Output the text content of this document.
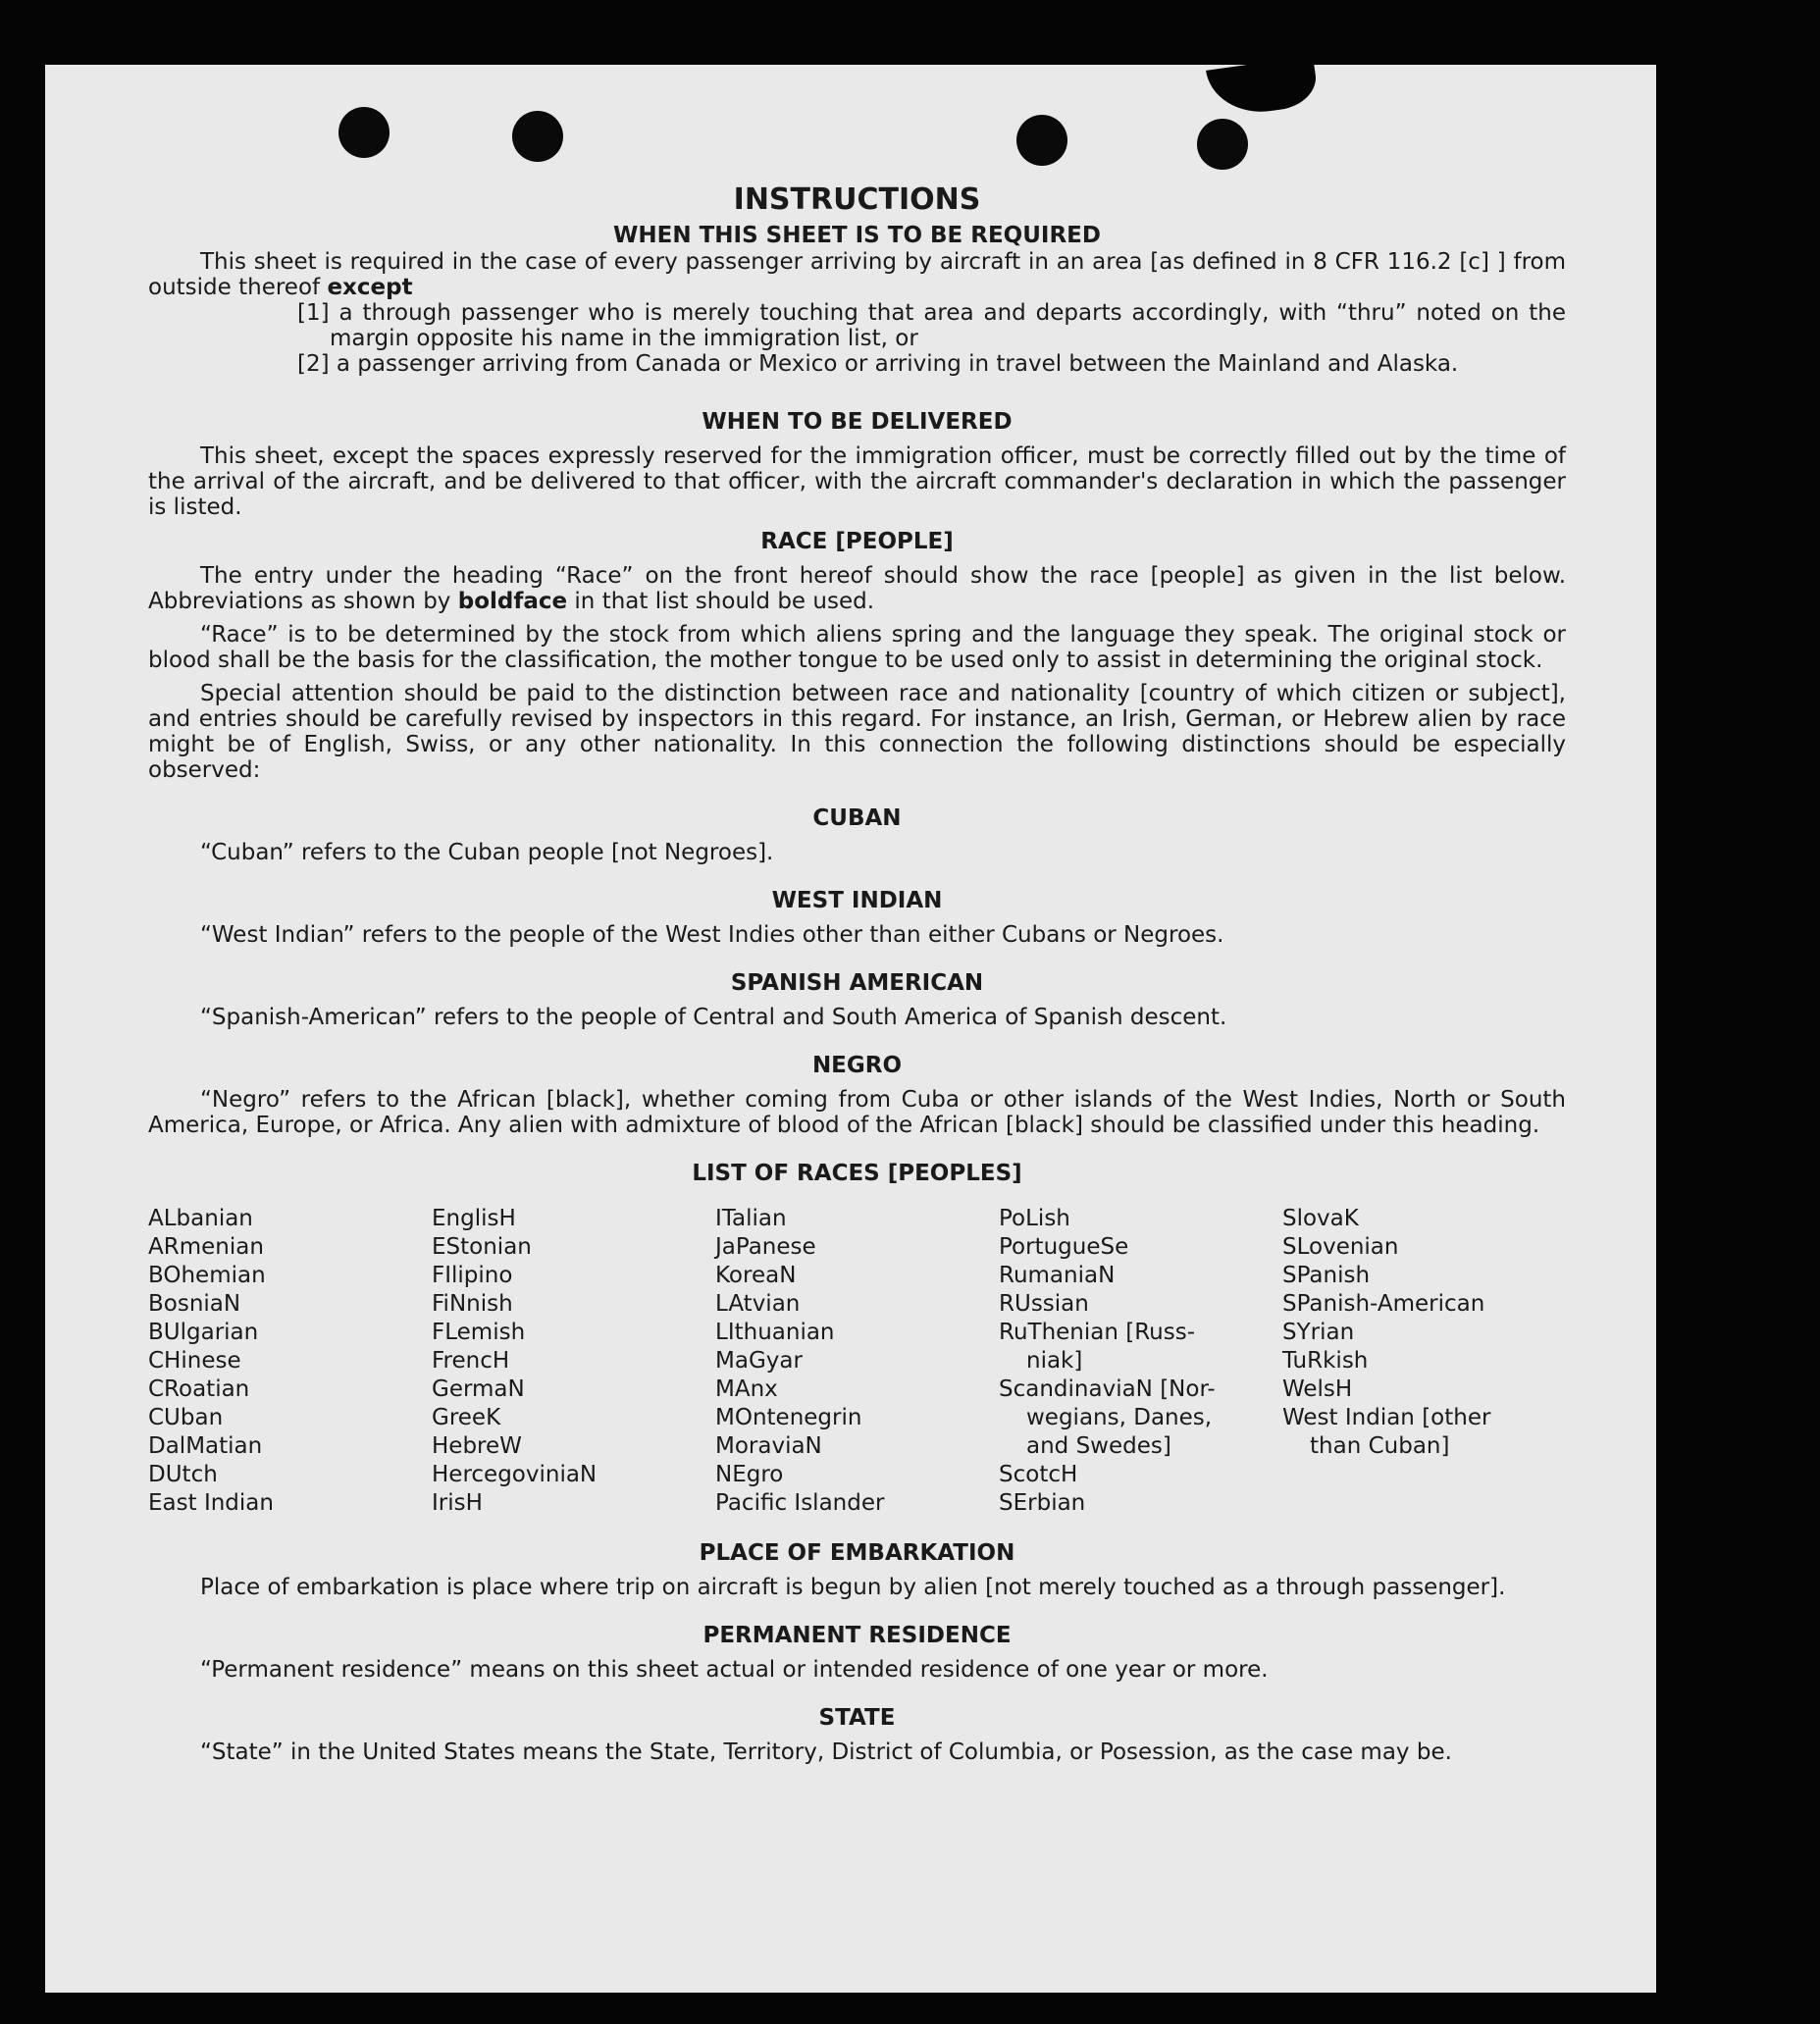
INSTRUCTIONS
WHEN THIS SHEET IS TO BE REQUIRED

This sheet is required in the case of every passenger arriving by aircraft in an area [as defined in 8 CFR 116.2 [c] ] from outside thereof except

[1] a through passenger who is merely touching that area and departs accordingly, with “thru” noted on the margin opposite his name in the immigration list, or

[2] a passenger arriving from Canada or Mexico or arriving in travel between the Mainland and Alaska.

WHEN TO BE DELIVERED

This sheet, except the spaces expressly reserved for the immigration officer, must be correctly filled out by the time of the arrival of the aircraft, and be delivered to that officer, with the aircraft commander's declaration in which the passenger is listed.

RACE [PEOPLE]

The entry under the heading “Race” on the front hereof should show the race [people] as given in the list below. Abbreviations as shown by boldface in that list should be used.

“Race” is to be determined by the stock from which aliens spring and the language they speak. The original stock or blood shall be the basis for the classification, the mother tongue to be used only to assist in determining the original stock.

Special attention should be paid to the distinction between race and nationality [country of which citizen or subject], and entries should be carefully revised by inspectors in this regard. For instance, an Irish, German, or Hebrew alien by race might be of English, Swiss, or any other nationality. In this connection the following distinctions should be especially observed:

CUBAN

“Cuban” refers to the Cuban people [not Negroes].

WEST INDIAN

“West Indian” refers to the people of the West Indies other than either Cubans or Negroes.

SPANISH AMERICAN

“Spanish-American” refers to the people of Central and South America of Spanish descent.

NEGRO

“Negro” refers to the African [black], whether coming from Cuba or other islands of the West Indies, North or South America, Europe, or Africa. Any alien with admixture of blood of the African [black] should be classified under this heading.

LIST OF RACES [PEOPLES]
ALbanian
ARmenian
BOhemian
BosniaN
BUlgarian
CHinese
CRoatian
CUban
DalMatian
DUtch
East Indian
EnglisH
EStonian
FIlipino
FiNnish
FLemish
FrencH
GermaN
GreeK
HebreW
HercegoviniaN
IrisH
ITalian
JaPanese
KoreaN
LAtvian
LIthuanian
MaGyar
MAnx
MOntenegrin
MoraviaN
NEgro
Pacific Islander
PoLish
PortugueSe
RumaniaN
RUssian
RuThenian [Russ-
niak]
ScandinaviaN [Nor-
wegians, Danes,
and Swedes]
ScotcH
SErbian
SlovaK
SLovenian
SPanish
SPanish-American
SYrian
TuRkish
WelsH
West Indian [other
than Cuban]
PLACE OF EMBARKATION

Place of embarkation is place where trip on aircraft is begun by alien [not merely touched as a through passenger].

PERMANENT RESIDENCE

“Permanent residence” means on this sheet actual or intended residence of one year or more.

STATE

“State” in the United States means the State, Territory, District of Columbia, or Posession, as the case may be.
